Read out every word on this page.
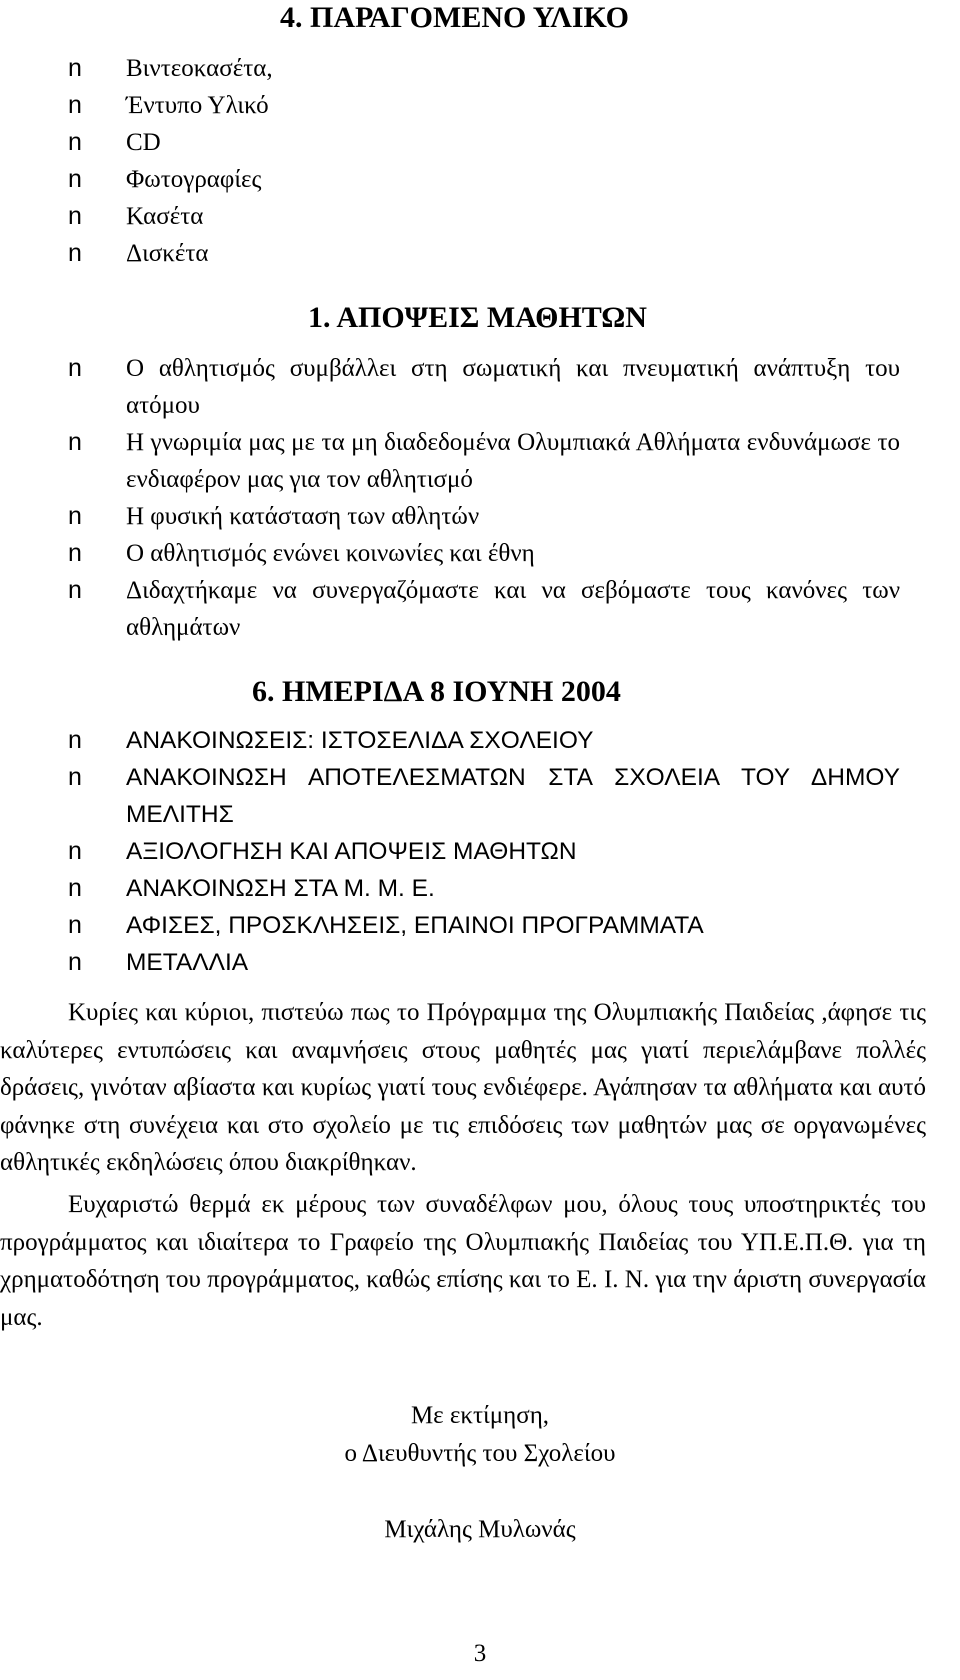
4. ΠΑΡΑΓΟΜΕΝΟ ΥΛΙΚΟ
n Βιντεοκασέτα,
n Έντυπο Υλικό
n CD
n Φωτογραφίες
n Κασέτα
n Δισκέτα
1. ΑΠΟΨΕΙΣ ΜΑΘΗΤΩΝ
n Ο αθλητισμός συμβάλλει στη σωματική και πνευματική ανάπτυξη του ατόμου
n Η γνωριμία μας με τα μη διαδεδομένα Ολυμπιακά Αθλήματα ενδυνάμωσε το ενδιαφέρον μας για τον αθλητισμό
n Η φυσική κατάσταση των αθλητών
n Ο αθλητισμός ενώνει κοινωνίες και έθνη
n Διδαχτήκαμε να συνεργαζόμαστε και να σεβόμαστε τους κανόνες των αθλημάτων
6. ΗΜΕΡΙΔΑ 8 ΙΟΥΝΗ 2004
n ΑΝΑΚΟΙΝΩΣΕΙΣ: ΙΣΤΟΣΕΛΙΔΑ ΣΧΟΛΕΙΟΥ
n ΑΝΑΚΟΙΝΩΣΗ ΑΠΟΤΕΛΕΣΜΑΤΩΝ ΣΤΑ ΣΧΟΛΕΙΑ ΤΟΥ ΔΗΜΟΥ ΜΕΛΙΤΗΣ
n ΑΞΙΟΛΟΓΗΣΗ ΚΑΙ ΑΠΟΨΕΙΣ ΜΑΘΗΤΩΝ
n ΑΝΑΚΟΙΝΩΣΗ ΣΤΑ Μ. Μ. Ε.
n ΑΦΙΣΕΣ, ΠΡΟΣΚΛΗΣΕΙΣ, ΕΠΑΙΝΟΙ ΠΡΟΓΡΑΜΜΑΤΑ
n ΜΕΤΑΛΛΙΑ

Κυρίες και κύριοι, πιστεύω πως το Πρόγραμμα της Ολυμπιακής Παιδείας ,άφησε τις καλύτερες εντυπώσεις και αναμνήσεις στους μαθητές μας γιατί περιελάμβανε πολλές δράσεις, γινόταν αβίαστα και κυρίως γιατί τους ενδιέφερε. Αγάπησαν τα αθλήματα και αυτό φάνηκε στη συνέχεια και στο σχολείο με τις επιδόσεις των μαθητών μας σε οργανωμένες αθλητικές εκδηλώσεις όπου διακρίθηκαν.

Ευχαριστώ θερμά εκ μέρους των συναδέλφων μου, όλους τους υποστηρικτές του προγράμματος και ιδιαίτερα το Γραφείο της Ολυμπιακής Παιδείας του ΥΠ.Ε.Π.Θ. για τη χρηματοδότηση του προγράμματος, καθώς επίσης και το Ε. Ι. Ν. για την άριστη συνεργασία μας.

Με εκτίμηση,

ο Διευθυντής του Σχολείου

Μιχάλης Μυλωνάς

3
